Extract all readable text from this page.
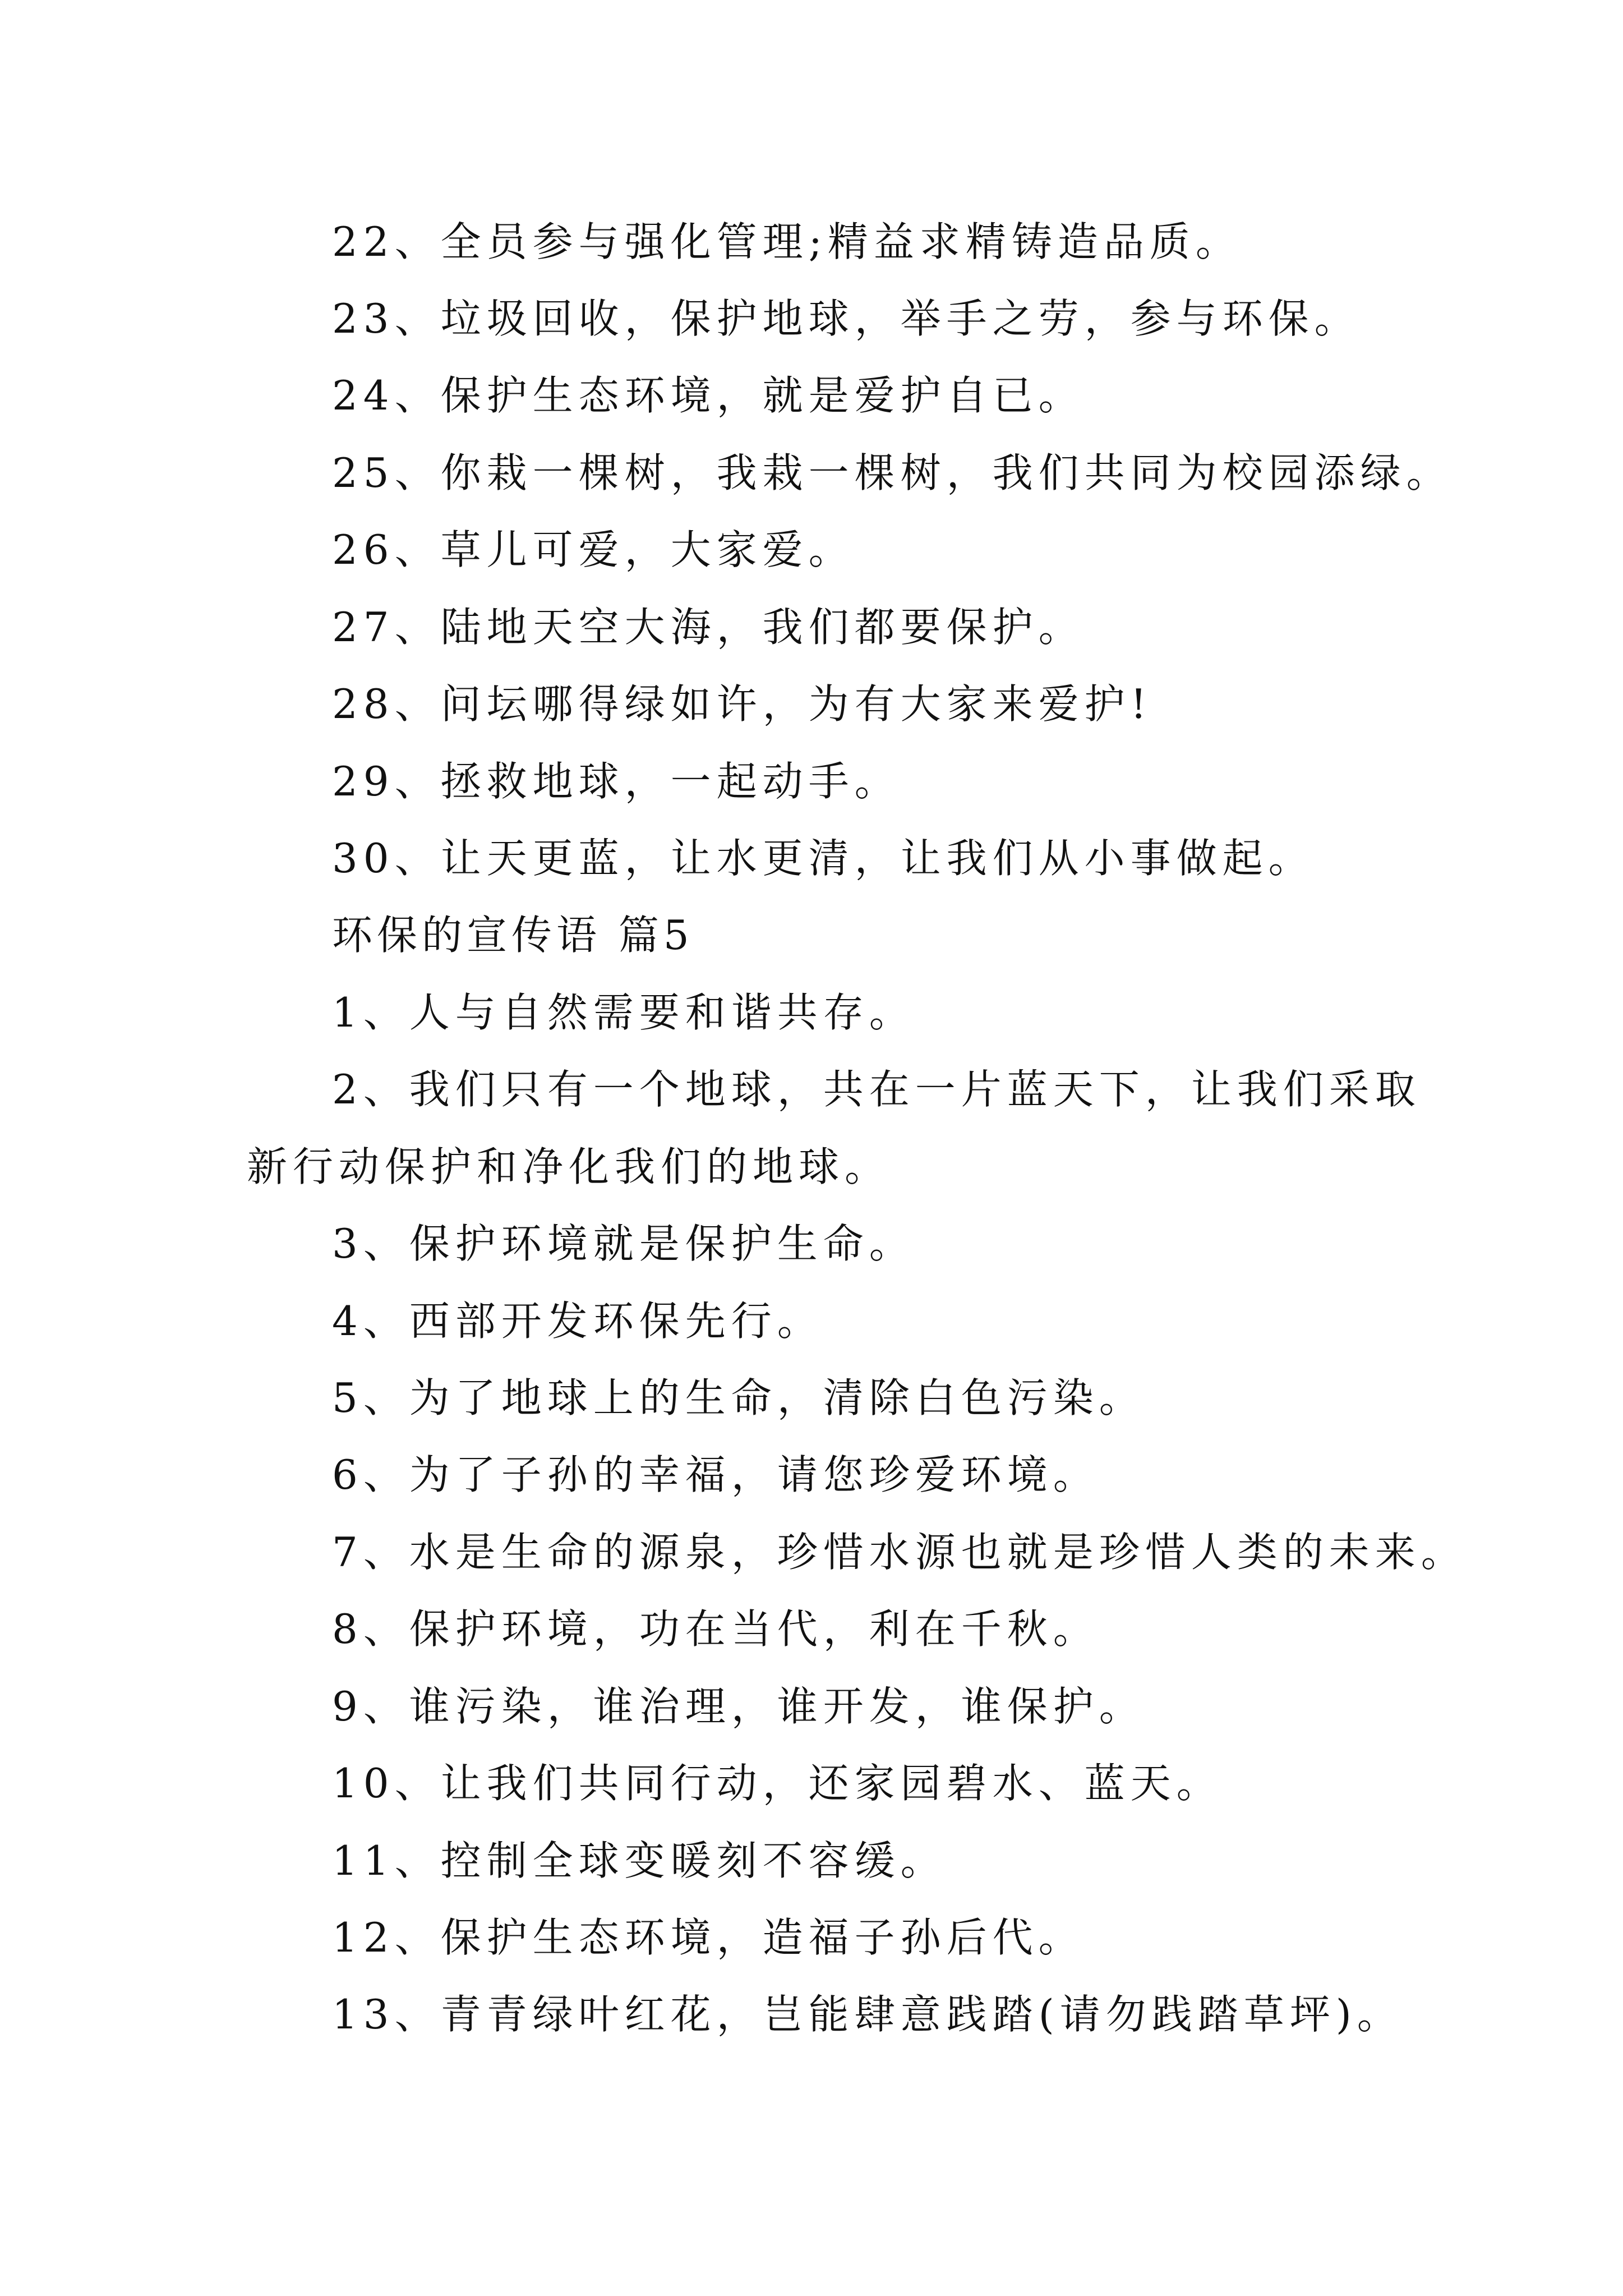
22、全员参与强化管理;精益求精铸造品质。
23、垃圾回收，保护地球，举手之劳，参与环保。
24、保护生态环境，就是爱护自已。
25、你栽一棵树，我栽一棵树，我们共同为校园添绿。
26、草儿可爱，大家爱。
27、陆地天空大海，我们都要保护。
28、问坛哪得绿如许，为有大家来爱护!
29、拯救地球，一起动手。
30、让天更蓝，让水更清，让我们从小事做起。
环保的宣传语 篇5
1、人与自然需要和谐共存。
2、我们只有一个地球，共在一片蓝天下，让我们采取
新行动保护和净化我们的地球。
3、保护环境就是保护生命。
4、西部开发环保先行。
5、为了地球上的生命，清除白色污染。
6、为了子孙的幸福，请您珍爱环境。
7、水是生命的源泉，珍惜水源也就是珍惜人类的未来。
8、保护环境，功在当代，利在千秋。
9、谁污染，谁治理，谁开发，谁保护。
10、让我们共同行动，还家园碧水、蓝天。
11、控制全球变暖刻不容缓。
12、保护生态环境，造福子孙后代。
13、青青绿叶红花，岂能肆意践踏(请勿践踏草坪)。
